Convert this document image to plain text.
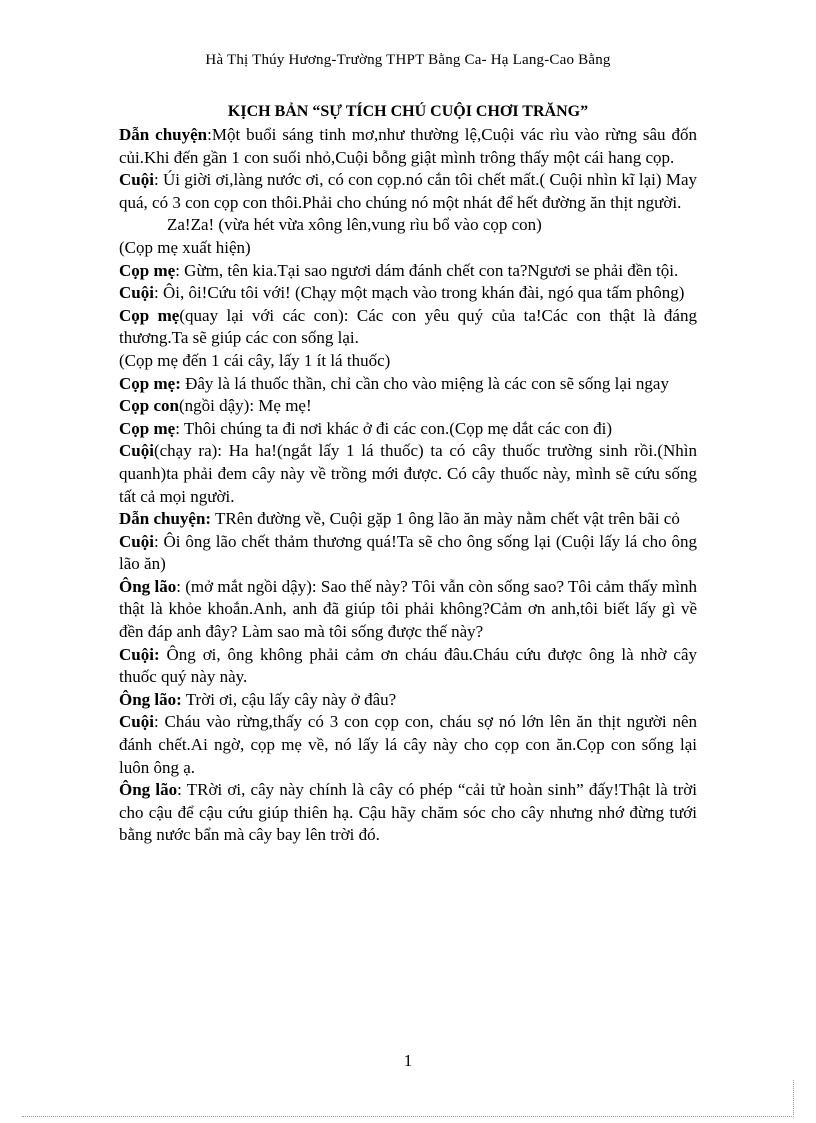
Hà Thị Thúy Hương-Trường THPT Bằng Ca- Hạ Lang-Cao Bằng
KỊCH BẢN “SỰ TÍCH CHÚ CUỘI CHƠI TRĂNG”

Dẫn chuyện:Một buổi sáng tinh mơ,như thường lệ,Cuội vác rìu vào rừng sâu đốn củi.Khi đến gần 1 con suối nhỏ,Cuội bỗng giật mình trông thấy một cái hang cọp.

Cuội: Úi giời ơi,làng nước ơi, có con cọp.nó cắn tôi chết mất.( Cuội nhìn kĩ lại) May quá, có 3 con cọp con thôi.Phải cho chúng nó một nhát để hết đường ăn thịt người.

Za!Za! (vừa hét vừa xông lên,vung rìu bổ vào cọp con)

(Cọp mẹ xuất hiện)

Cọp mẹ: Gừm, tên kia.Tại sao ngươi dám đánh chết con ta?Ngươi se phải đền tội.

Cuội: Ôi, ôi!Cứu tôi với! (Chạy một mạch vào trong khán đài, ngó qua tấm phông)

Cọp mẹ(quay lại với các con): Các con yêu quý của ta!Các con thật là đáng thương.Ta sẽ giúp các con sống lại.

(Cọp mẹ đến 1 cái cây, lấy 1 ít lá thuốc)

Cọp mẹ: Đây là lá thuốc thần, chỉ cần cho vào miệng là các con sẽ sống lại ngay

Cọp con(ngồi dậy): Mẹ mẹ!

Cọp mẹ: Thôi chúng ta đi nơi khác ở đi các con.(Cọp mẹ dắt các con đi)

Cuội(chạy ra): Ha ha!(ngắt lấy 1 lá thuốc) ta có cây thuốc trường sinh rồi.(Nhìn quanh)ta phải đem cây này về trồng mới được. Có cây thuốc này, mình sẽ cứu sống tất cả mọi người.

Dẫn chuyện: TRên đường về, Cuội gặp 1 ông lão ăn mày nằm chết vật trên bãi cỏ

Cuội: Ôi ông lão chết thảm thương quá!Ta sẽ cho ông sống lại (Cuội lấy lá cho ông lão ăn)

Ông lão: (mở mắt ngồi dậy): Sao thế này? Tôi vẫn còn sống sao? Tôi cảm thấy mình thật là khỏe khoắn.Anh, anh đã giúp tôi phải không?Cảm ơn anh,tôi biết lấy gì về đền đáp anh đây? Làm sao mà tôi sống được thế này?

Cuội: Ông ơi, ông không phải cảm ơn cháu đâu.Cháu cứu được ông là nhờ cây thuốc quý này này.

Ông lão: Trời ơi, cậu lấy cây này ở đâu?

Cuội: Cháu vào rừng,thấy có 3 con cọp con, cháu sợ nó lớn lên ăn thịt người nên đánh chết.Ai ngờ, cọp mẹ về, nó lấy lá cây này cho cọp con ăn.Cọp con sống lại luôn ông ạ.

Ông lão: TRời ơi, cây này chính là cây có phép “cải tử hoàn sinh” đấy!Thật là trời cho cậu để cậu cứu giúp thiên hạ. Cậu hãy chăm sóc cho cây nhưng nhớ đừng tưới bằng nước bẩn mà cây bay lên trời đó.

1
